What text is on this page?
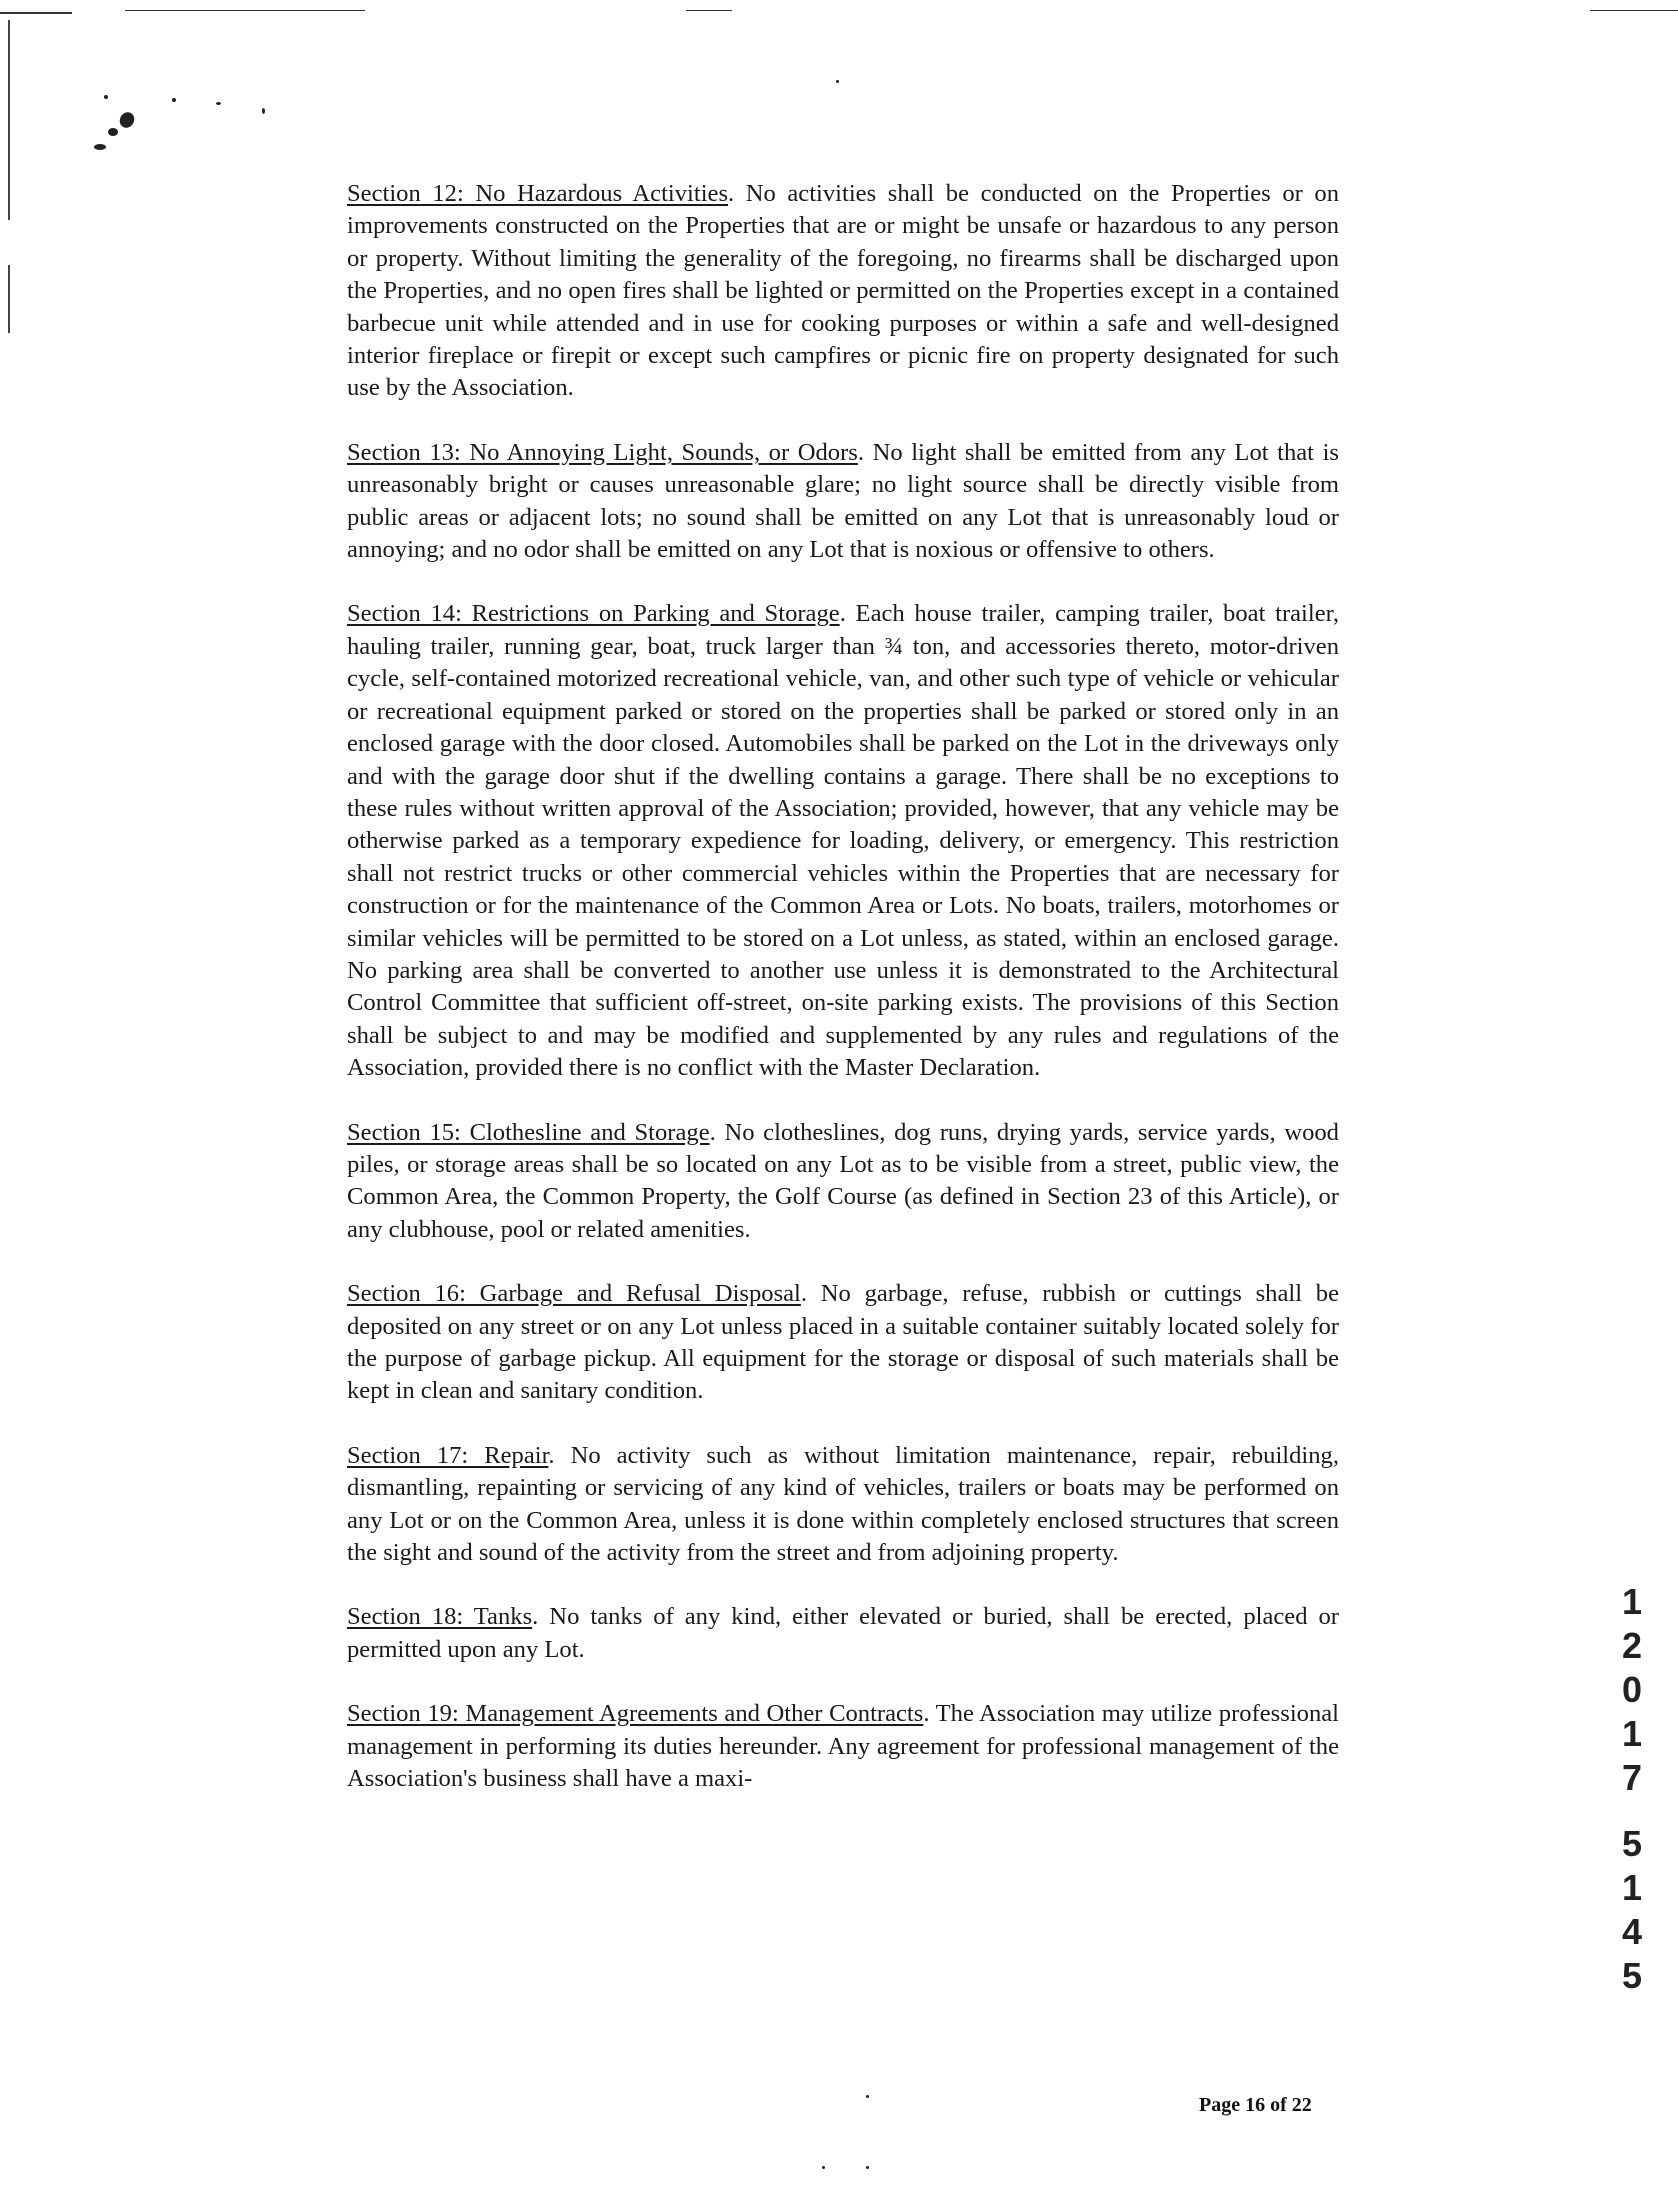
Section 12: No Hazardous Activities. No activities shall be conducted on the Properties or on improvements constructed on the Properties that are or might be unsafe or hazardous to any person or property. Without limiting the generality of the foregoing, no firearms shall be discharged upon the Properties, and no open fires shall be lighted or permitted on the Properties except in a contained barbecue unit while attended and in use for cooking purposes or within a safe and well-designed interior fireplace or firepit or except such campfires or picnic fire on property designated for such use by the Association.

Section 13: No Annoying Light, Sounds, or Odors. No light shall be emitted from any Lot that is unreasonably bright or causes unreasonable glare; no light source shall be directly visible from public areas or adjacent lots; no sound shall be emitted on any Lot that is unreasonably loud or annoying; and no odor shall be emitted on any Lot that is noxious or offensive to others.

Section 14: Restrictions on Parking and Storage. Each house trailer, camping trailer, boat trailer, hauling trailer, running gear, boat, truck larger than ¾ ton, and accessories thereto, motor-driven cycle, self-contained motorized recreational vehicle, van, and other such type of vehicle or vehicular or recreational equipment parked or stored on the properties shall be parked or stored only in an enclosed garage with the door closed. Automobiles shall be parked on the Lot in the driveways only and with the garage door shut if the dwelling contains a garage. There shall be no exceptions to these rules without written approval of the Association; provided, however, that any vehicle may be otherwise parked as a temporary expedience for loading, delivery, or emergency. This restriction shall not restrict trucks or other commercial vehicles within the Properties that are necessary for construction or for the maintenance of the Common Area or Lots. No boats, trailers, motorhomes or similar vehicles will be permitted to be stored on a Lot unless, as stated, within an enclosed garage. No parking area shall be converted to another use unless it is demonstrated to the Architectural Control Committee that sufficient off-street, on-site parking exists. The provisions of this Section shall be subject to and may be modified and supplemented by any rules and regulations of the Association, provided there is no conflict with the Master Declaration.

Section 15: Clothesline and Storage. No clotheslines, dog runs, drying yards, service yards, wood piles, or storage areas shall be so located on any Lot as to be visible from a street, public view, the Common Area, the Common Property, the Golf Course (as defined in Section 23 of this Article), or any clubhouse, pool or related amenities.

Section 16: Garbage and Refusal Disposal. No garbage, refuse, rubbish or cuttings shall be deposited on any street or on any Lot unless placed in a suitable container suitably located solely for the purpose of garbage pickup. All equipment for the storage or disposal of such materials shall be kept in clean and sanitary condition.

Section 17: Repair. No activity such as without limitation maintenance, repair, rebuilding, dismantling, repainting or servicing of any kind of vehicles, trailers or boats may be performed on any Lot or on the Common Area, unless it is done within completely enclosed structures that screen the sight and sound of the activity from the street and from adjoining property.

Section 18: Tanks. No tanks of any kind, either elevated or buried, shall be erected, placed or permitted upon any Lot.

Section 19: Management Agreements and Other Contracts. The Association may utilize professional management in performing its duties hereunder. Any agreement for professional management of the Association's business shall have a maxi-

1
2
0
1
7
5
1
4
5
Page 16 of 22
